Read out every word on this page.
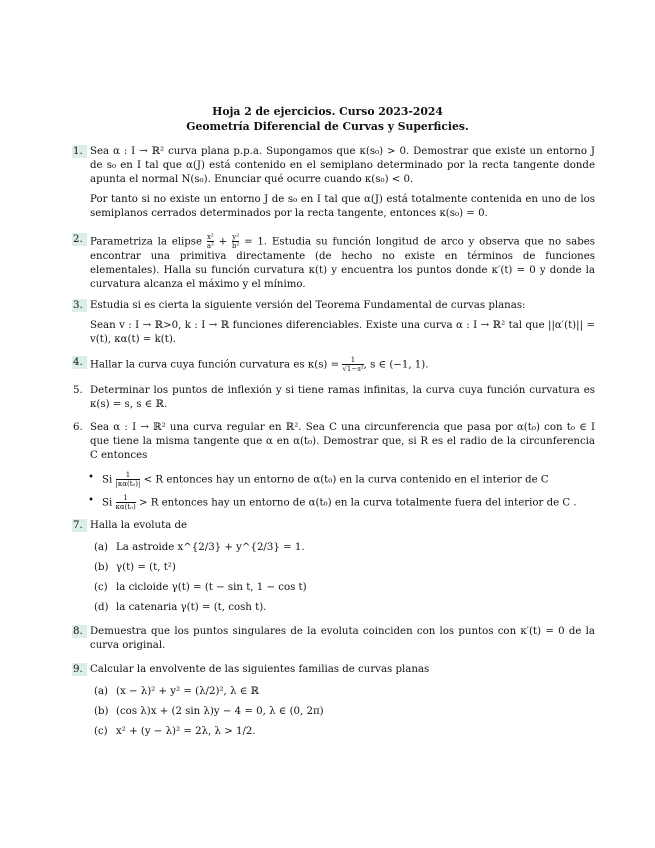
Hoja 2 de ejercicios. Curso 2023-2024
Geometría Diferencial de Curvas y Superficies.
1. Sea α : I → ℝ² curva plana p.p.a. Supongamos que κ(s₀) > 0. Demostrar que existe un entorno J de s₀ en I tal que α(J) está contenido en el semiplano determinado por la recta tangente donde apunta el normal N(s₀). Enunciar qué ocurre cuando κ(s₀) < 0.
Por tanto si no existe un entorno J de s₀ en I tal que α(J) está totalmente contenida en uno de los semiplanos cerrados determinados por la recta tangente, entonces κ(s₀) = 0.
2. Parametriza la elipse $\frac{\text{x²}}{\text{a²}} + \frac{\text{y²}}{\text{b²}} = 1$. Estudia su función longitud de arco y observa que no sabes encontrar una primitiva directamente (de hecho no existe en términos de funciones elementales). Halla su función curvatura κ(t) y encuentra los puntos donde κ′(t) = 0 y donde la curvatura alcanza el máximo y el mínimo.
3. Estudia si es cierta la siguiente versión del Teorema Fundamental de curvas planas:
Sean v : I → ℝ>0, k : I → ℝ funciones diferenciables. Existe una curva α : I → ℝ² tal que ||α′(t)|| = v(t), κα(t) = k(t).
4. Hallar la curva cuya función curvatura es $\kappa(s) = \frac{1}{\text{√1−s²}}$ , s ∈ (−1, 1).
5. Determinar los puntos de inflexión y si tiene ramas infinitas, la curva cuya función curvatura es κ(s) = s, s ∈ ℝ.
6. Sea α : I → ℝ² una curva regular en ℝ². Sea C una circunferencia que pasa por α(t₀) con t₀ ∈ I que tiene la misma tangente que α en α(t₀). Demostrar que, si R es el radio de la circunferencia C entonces
• Si $\frac{1}{\text{|κα(t₀)|}} < R$ entonces hay un entorno de α(t₀) en la curva contenido en el interior de C
• Si $\frac{1}{\text{κα(t₀)}} > R$ entonces hay un entorno de α(t₀) en la curva totalmente fuera del interior de C .
7. Halla la evoluta de
(a) La astroide x^{2/3} + y^{2/3} = 1.
(b) γ(t) = (t, t²)
(c) la cicloide γ(t) = (t − sin t, 1 − cos t)
(d) la catenaria γ(t) = (t, cosh t).
8. Demuestra que los puntos singulares de la evoluta coinciden con los puntos con κ′(t) = 0 de la curva original.
9. Calcular la envolvente de las siguientes familias de curvas planas
(a) (x − λ)² + y² = (λ/2)², λ ∈ ℝ
(b) (cos λ)x + (2 sin λ)y − 4 = 0, λ ∈ (0, 2π)
(c) x² + (y − λ)² = 2λ, λ > 1/2.
